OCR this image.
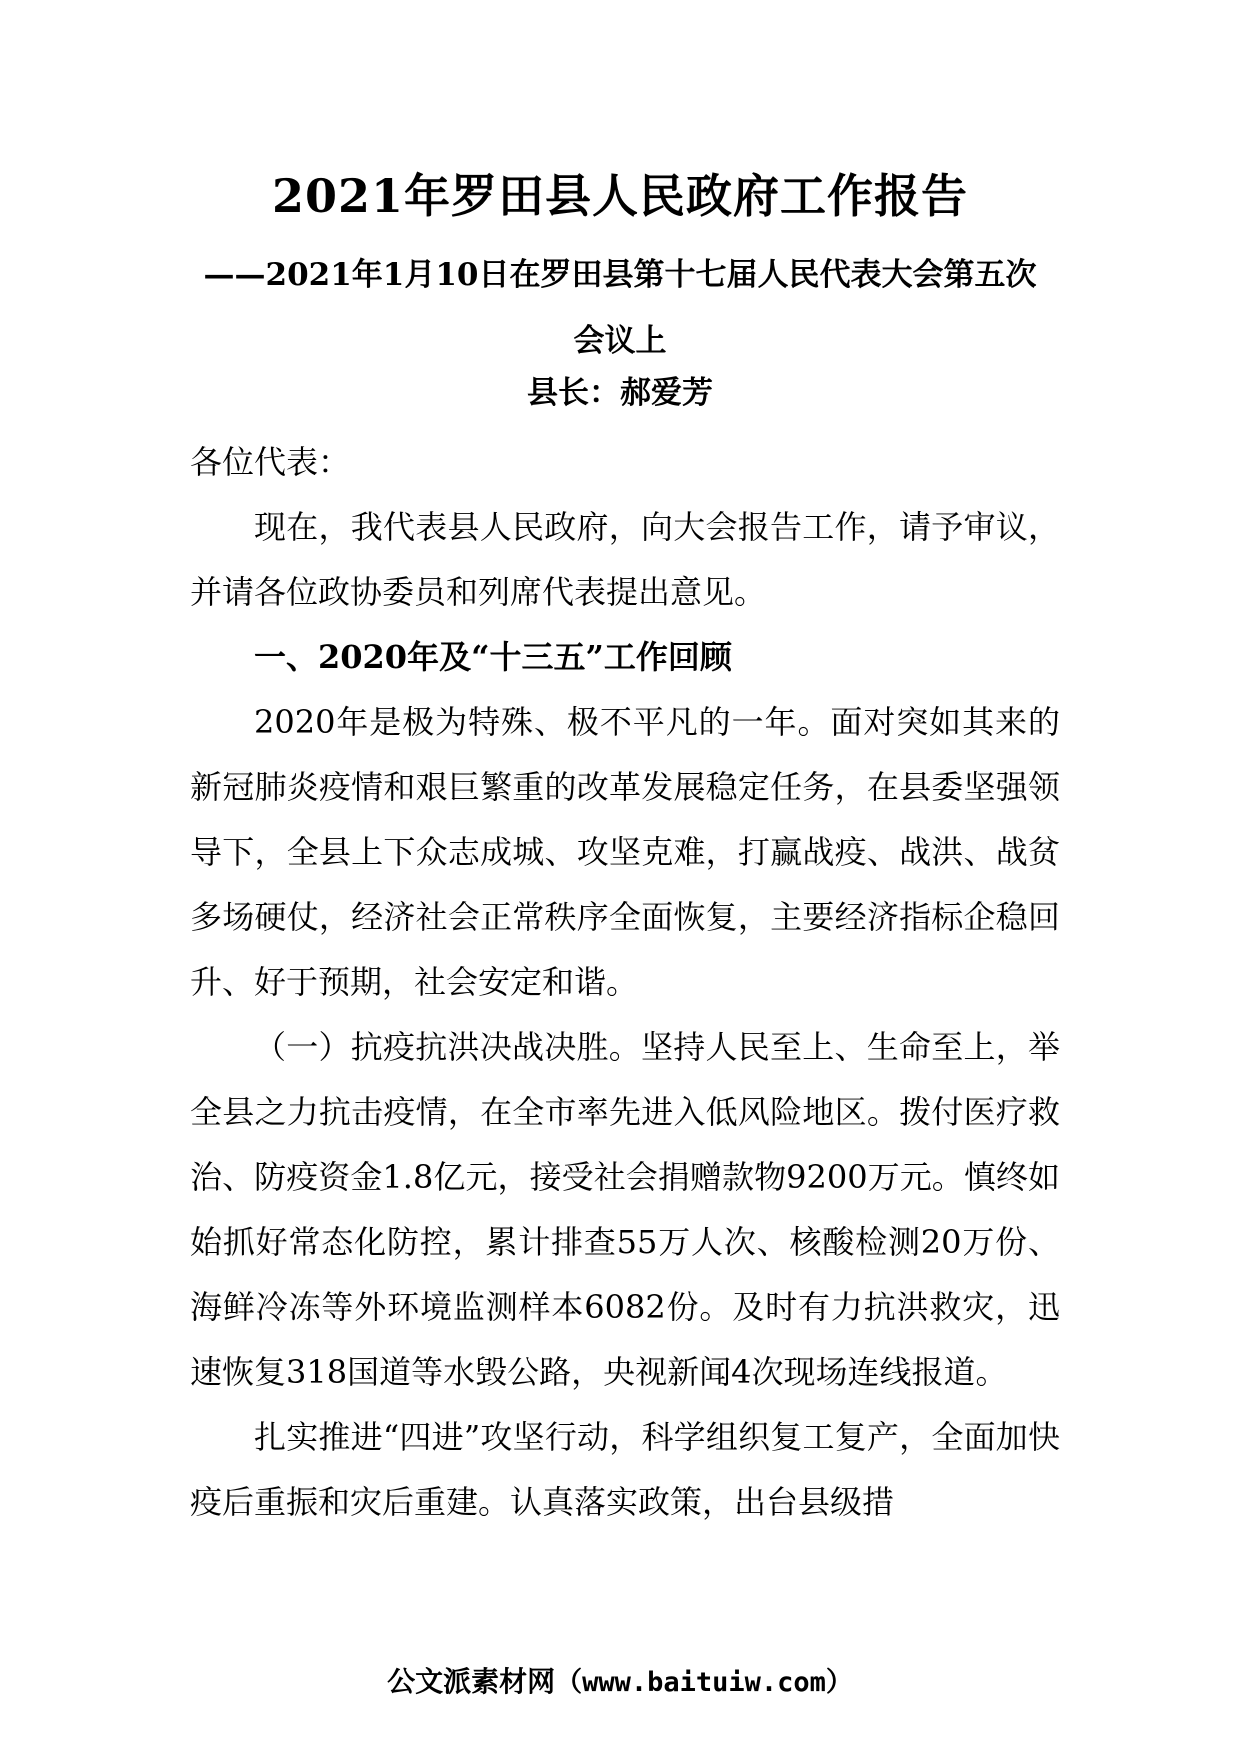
2021年罗田县人民政府工作报告
——2021年1月10日在罗田县第十七届人民代表大会第五次会议上
县长：郝爱芳

各位代表：

现在，我代表县人民政府，向大会报告工作，请予审议，并请各位政协委员和列席代表提出意见。

一、2020年及“十三五”工作回顾

2020年是极为特殊、极不平凡的一年。面对突如其来的新冠肺炎疫情和艰巨繁重的改革发展稳定任务，在县委坚强领导下，全县上下众志成城、攻坚克难，打赢战疫、战洪、战贫多场硬仗，经济社会正常秩序全面恢复，主要经济指标企稳回升、好于预期，社会安定和谐。

（一）抗疫抗洪决战决胜。坚持人民至上、生命至上，举全县之力抗击疫情，在全市率先进入低风险地区。拨付医疗救治、防疫资金1.8亿元，接受社会捐赠款物9200万元。慎终如始抓好常态化防控，累计排查55万人次、核酸检测20万份、海鲜冷冻等外环境监测样本6082份。及时有力抗洪救灾，迅速恢复318国道等水毁公路，央视新闻4次现场连线报道。

扎实推进“四进”攻坚行动，科学组织复工复产，全面加快疫后重振和灾后重建。认真落实政策，出台县级措

公文派素材网（www.baituiw.com）
